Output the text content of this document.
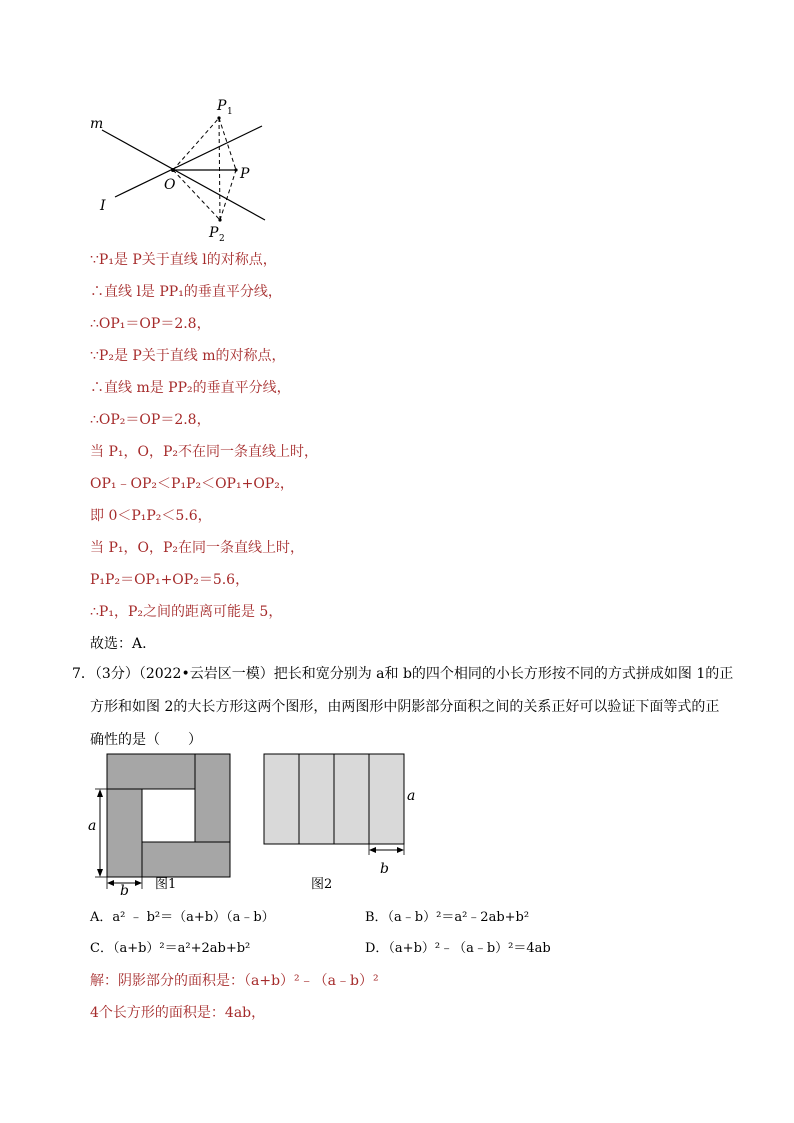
m
I
O
P
P 1
P 2
∵P₁是 P关于直线 l的对称点，
∴直线 l是 PP₁的垂直平分线，
∴OP₁＝OP＝2.8，
∵P₂是 P关于直线 m的对称点，
∴直线 m是 PP₂的垂直平分线，
∴OP₂＝OP＝2.8，
当 P₁，O，P₂不在同一条直线上时，
OP₁﹣OP₂＜P₁P₂＜OP₁+OP₂，
即 0＜P₁P₂＜5.6，
当 P₁，O，P₂在同一条直线上时，
P₁P₂＝OP₁+OP₂＝5.6，
∴P₁，P₂之间的距离可能是 5，
故选：A.
7．（3分）（2022•云岩区一模）把长和宽分别为 a和 b的四个相同的小长方形按不同的方式拼成如图 1的正
方形和如图 2的大长方形这两个图形，由两图形中阴影部分面积之间的关系正好可以验证下面等式的正
确性的是（　　）
a
b 图1
a
b
图2
A．a² ﹣ b²＝（a+b）（a﹣b）	B．（a﹣b）²＝a²﹣2ab+b²
C．（a+b）²＝a²+2ab+b²	D．（a+b）²﹣（a﹣b）²＝4ab
解：阴影部分的面积是：（a+b）²﹣（a﹣b）²
4个长方形的面积是：4ab，
